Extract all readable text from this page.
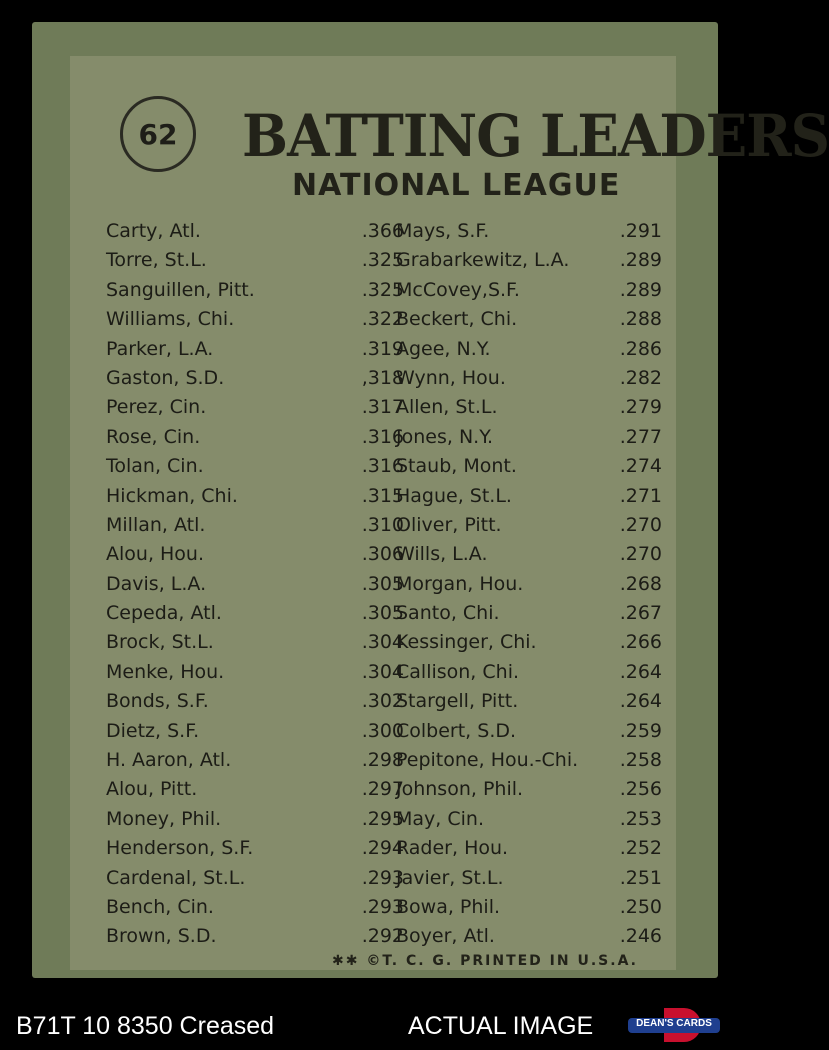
62 BATTING LEADERS
NATIONAL LEAGUE
Carty, Atl.	.366
Torre, St.L.	.325
Sanguillen, Pitt.	.325
Williams, Chi.	.322
Parker, L.A.	.319
Gaston, S.D.	,318
Perez, Cin.	.317
Rose, Cin.	.316
Tolan, Cin.	.316
Hickman, Chi.	.315
Millan, Atl.	.310
Alou, Hou.	.306
Davis, L.A.	.305
Cepeda, Atl.	.305
Brock, St.L.	.304
Menke, Hou.	.304
Bonds, S.F.	.302
Dietz, S.F.	.300
H. Aaron, Atl.	.298
Alou, Pitt.	.297
Money, Phil.	.295
Henderson, S.F.	.294
Cardenal, St.L.	.293
Bench, Cin.	.293
Brown, S.D.	.292
Mays, S.F.	.291
Grabarkewitz, L.A.	.289
McCovey,S.F.	.289
Beckert, Chi.	.288
Agee, N.Y.	.286
Wynn, Hou.	.282
Allen, St.L.	.279
Jones, N.Y.	.277
Staub, Mont.	.274
Hague, St.L.	.271
Oliver, Pitt.	.270
Wills, L.A.	.270
Morgan, Hou.	.268
Santo, Chi.	.267
Kessinger, Chi.	.266
Callison, Chi.	.264
Stargell, Pitt.	.264
Colbert, S.D.	.259
Pepitone, Hou.-Chi.	.258
Johnson, Phil.	.256
May, Cin.	.253
Rader, Hou.	.252
Javier, St.L.	.251
Bowa, Phil.	.250
Boyer, Atl.	.246
✱✱ ©T. C. G. PRINTED IN U.S.A.
B71T 10 8350 Creased	ACTUAL IMAGE	DEAN'S CARDS
